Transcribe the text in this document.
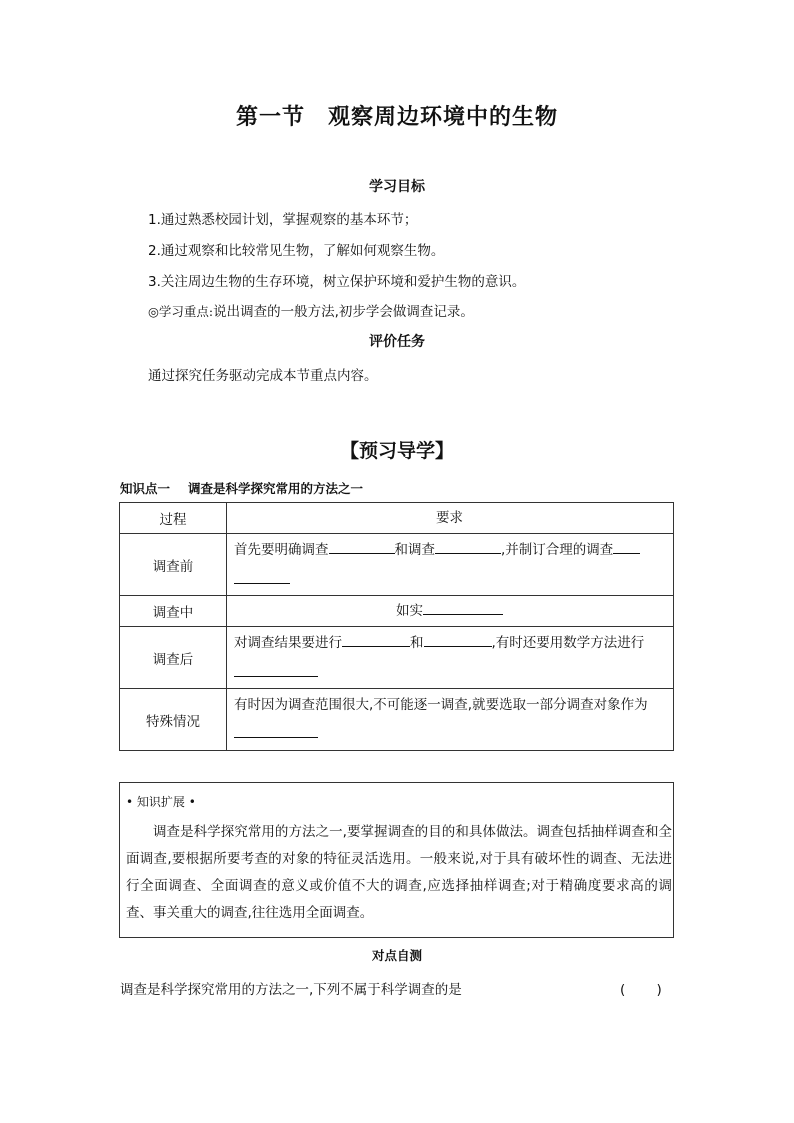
第一节　观察周边环境中的生物
学习目标
1.通过熟悉校园计划，掌握观察的基本环节；
2.通过观察和比较常见生物，了解如何观察生物。
3.关注周边生物的生存环境，树立保护环境和爱护生物的意识。
◎学习重点:说出调查的一般方法,初步学会做调查记录。
评价任务
通过探究任务驱动完成本节重点内容。
【预习导学】
知识点一 调查是科学探究常用的方法之一
过程	要求
调查前	首先要明确调查 和调查 ,并制订合理的调查

调查中	如实
调查后	对调查结果要进行 和 ,有时还要用数学方法进行

特殊情况	有时因为调查范围很大,不可能逐一调查,就要选取一部分调查对象作为
• 知识扩展 •

调查是科学探究常用的方法之一,要掌握调查的目的和具体做法。调查包括抽样调查和全面调查,要根据所要考查的对象的特征灵活选用。一般来说,对于具有破坏性的调查、无法进行全面调查、全面调查的意义或价值不大的调查,应选择抽样调查;对于精确度要求高的调查、事关重大的调查,往往选用全面调查。

对点自测
调查是科学探究常用的方法之一,下列不属于科学调查的是	(　　 )
